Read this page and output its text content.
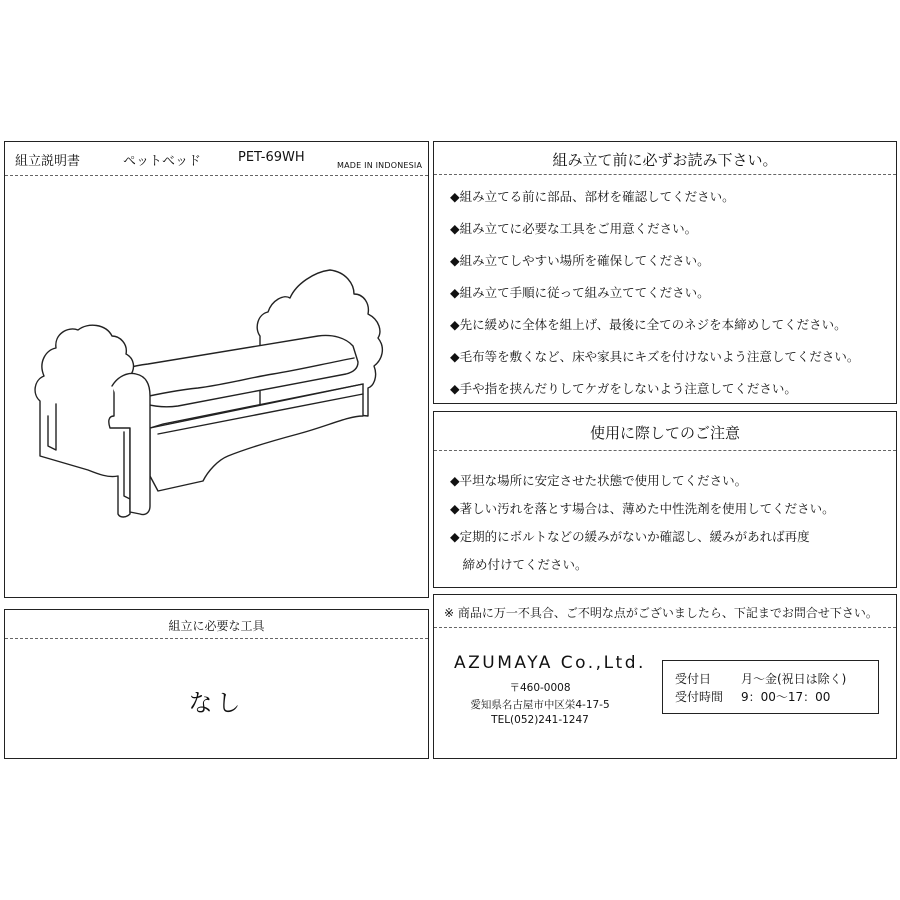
組立説明書	ペットベッド	PET-69WH
MADE IN INDONESIA
組立に必要な工具
なし
組み立て前に必ずお読み下さい。
◆組み立てる前に部品、部材を確認してください。
◆組み立てに必要な工具をご用意ください。
◆組み立てしやすい場所を確保してください。
◆組み立て手順に従って組み立ててください。
◆先に緩めに全体を組上げ、最後に全てのネジを本締めしてください。
◆毛布等を敷くなど、床や家具にキズを付けないよう注意してください。
◆手や指を挟んだりしてケガをしないよう注意してください。
使用に際してのご注意
◆平坦な場所に安定させた状態で使用してください。
◆著しい汚れを落とす場合は、薄めた中性洗剤を使用してください。
◆定期的にボルトなどの緩みがないか確認し、緩みがあれば再度
　締め付けてください。
※ 商品に万一不具合、ご不明な点がございましたら、下記までお問合せ下さい。
AZUMAYA Co.,Ltd.
〒460-0008
愛知県名古屋市中区栄4-17-5
TEL(052)241-1247
受付日 月～金(祝日は除く)
受付時間 9：00～17：00
